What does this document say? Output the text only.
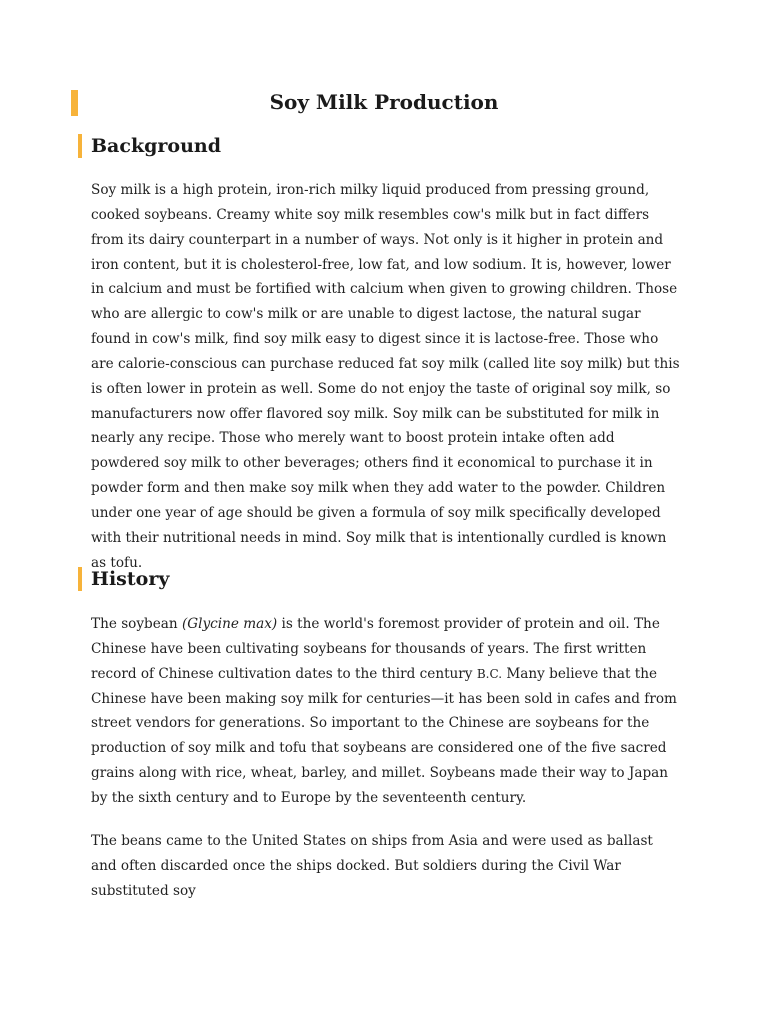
Soy Milk Production
Background

Soy milk is a high protein, iron-rich milky liquid produced from pressing ground, cooked soybeans. Creamy white soy milk resembles cow's milk but in fact differs from its dairy counterpart in a number of ways. Not only is it higher in protein and iron content, but it is cholesterol-free, low fat, and low sodium. It is, however, lower in calcium and must be fortified with calcium when given to growing children. Those who are allergic to cow's milk or are unable to digest lactose, the natural sugar found in cow's milk, find soy milk easy to digest since it is lactose-free. Those who are calorie-conscious can purchase reduced fat soy milk (called lite soy milk) but this is often lower in protein as well. Some do not enjoy the taste of original soy milk, so manufacturers now offer flavored soy milk. Soy milk can be substituted for milk in nearly any recipe. Those who merely want to boost protein intake often add powdered soy milk to other beverages; others find it economical to purchase it in powder form and then make soy milk when they add water to the powder. Children under one year of age should be given a formula of soy milk specifically developed with their nutritional needs in mind. Soy milk that is intentionally curdled is known as tofu.

History

The soybean (Glycine max) is the world's foremost provider of protein and oil. The Chinese have been cultivating soybeans for thousands of years. The first written record of Chinese cultivation dates to the third century B.C. Many believe that the Chinese have been making soy milk for centuries—it has been sold in cafes and from street vendors for generations. So important to the Chinese are soybeans for the production of soy milk and tofu that soybeans are considered one of the five sacred grains along with rice, wheat, barley, and millet. Soybeans made their way to Japan by the sixth century and to Europe by the seventeenth century.

The beans came to the United States on ships from Asia and were used as ballast and often discarded once the ships docked. But soldiers during the Civil War substituted soy
